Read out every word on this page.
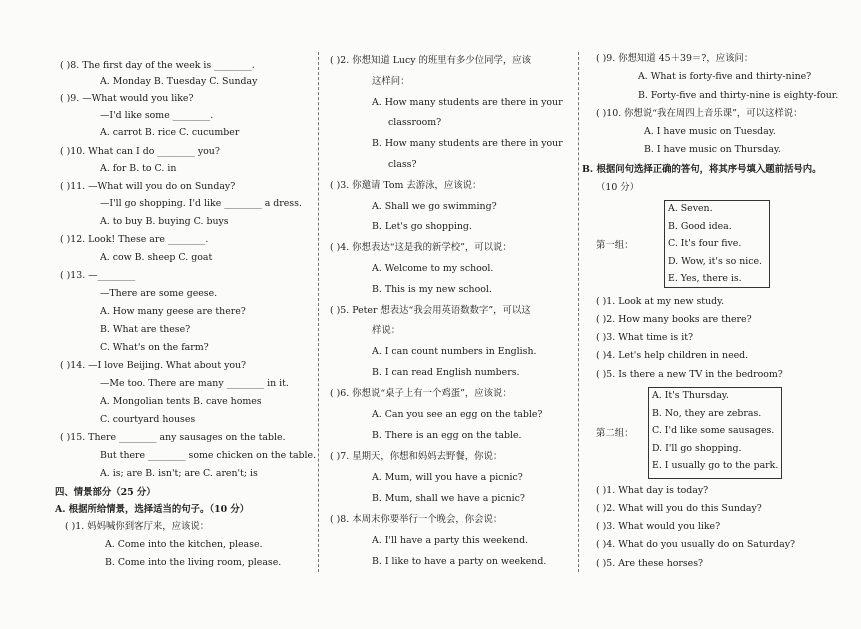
( )8. The first day of the week is ________.
A. Monday B. Tuesday C. Sunday
( )9. —What would you like?
—I'd like some ________.
A. carrot B. rice C. cucumber
( )10. What can I do ________ you?
A. for B. to C. in
( )11. —What will you do on Sunday?
—I'll go shopping. I'd like ________ a dress.
A. to buy B. buying C. buys
( )12. Look! These are ________.
A. cow B. sheep C. goat
( )13. —________
—There are some geese.
A. How many geese are there?
B. What are these?
C. What's on the farm?
( )14. —I love Beijing. What about you?
—Me too. There are many ________ in it.
A. Mongolian tents B. cave homes
C. courtyard houses
( )15. There ________ any sausages on the table.
But there ________ some chicken on the table.
A. is; are B. isn't; are C. aren't; is
四、情景部分（25 分）
A. 根据所给情景，选择适当的句子。（10 分）
( )1. 妈妈喊你到客厅来，应该说：
A. Come into the kitchen, please.
B. Come into the living room, please.
( )2. 你想知道 Lucy 的班里有多少位同学，应该
这样问：
A. How many students are there in your
classroom?
B. How many students are there in your
class?
( )3. 你邀请 Tom 去游泳，应该说：
A. Shall we go swimming?
B. Let's go shopping.
( )4. 你想表达“这是我的新学校”，可以说：
A. Welcome to my school.
B. This is my new school.
( )5. Peter 想表达“我会用英语数数字”，可以这
样说：
A. I can count numbers in English.
B. I can read English numbers.
( )6. 你想说“桌子上有一个鸡蛋”，应该说：
A. Can you see an egg on the table?
B. There is an egg on the table.
( )7. 星期天，你想和妈妈去野餐，你说：
A. Mum, will you have a picnic?
B. Mum, shall we have a picnic?
( )8. 本周末你要举行一个晚会，你会说：
A. I'll have a party this weekend.
B. I like to have a party on weekend.
( )9. 你想知道 45＋39＝?，应该问：
A. What is forty-five and thirty-nine?
B. Forty-five and thirty-nine is eighty-four.
( )10. 你想说“我在周四上音乐课”，可以这样说：
A. I have music on Tuesday.
B. I have music on Thursday.
B. 根据问句选择正确的答句，将其序号填入题前括号内。
（10 分）
第一组：
( )1. Look at my new study.
( )2. How many books are there?
( )3. What time is it?
( )4. Let's help children in need.
( )5. Is there a new TV in the bedroom?
第二组：
( )1. What day is today?
( )2. What will you do this Sunday?
( )3. What would you like?
( )4. What do you usually do on Saturday?
( )5. Are these horses?
A. Seven.
B. Good idea.
C. It's four five.
D. Wow, it's so nice.
E. Yes, there is.
A. It's Thursday.
B. No, they are zebras.
C. I'd like some sausages.
D. I'll go shopping.
E. I usually go to the park.
